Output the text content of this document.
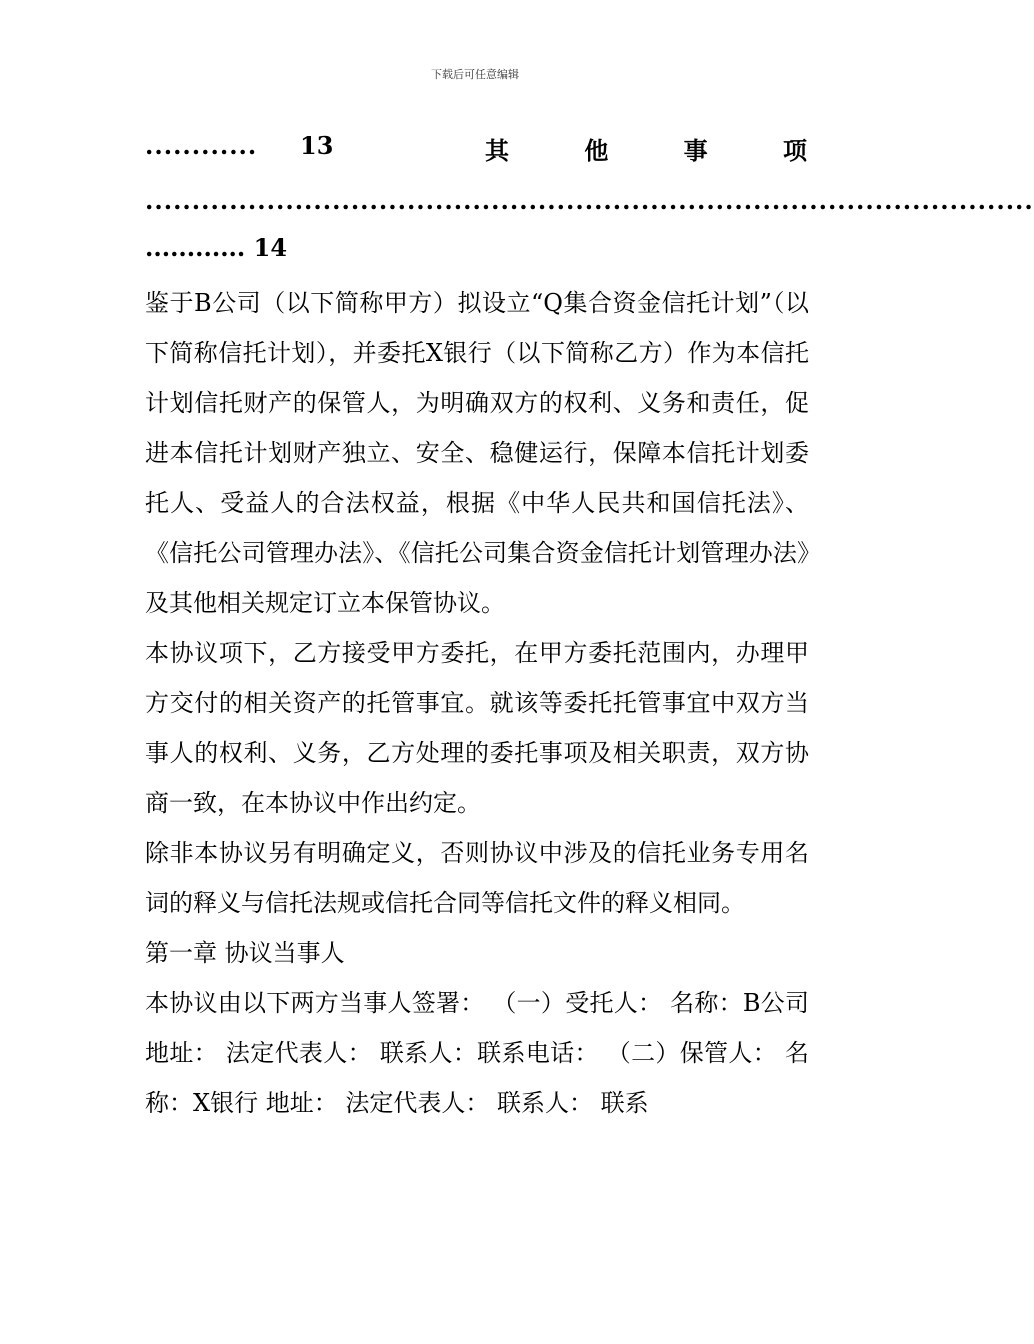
下载后可任意编辑
............ 13	其	他	事	项
...............................................................................................
............ 14

鉴于B公司（以下简称甲方）拟设立“Q集合资金信托计划”（以下简称信托计划），并委托X银行（以下简称乙方）作为本信托计划信托财产的保管人，为明确双方的权利、义务和责任，促进本信托计划财产独立、安全、稳健运行，保障本信托计划委托人、受益人的合法权益，根据《中华人民共和国信托法》、《信托公司管理办法》、《信托公司集合资金信托计划管理办法》及其他相关规定订立本保管协议。

本协议项下，乙方接受甲方委托，在甲方委托范围内，办理甲方交付的相关资产的托管事宜。就该等委托托管事宜中双方当事人的权利、义务，乙方处理的委托事项及相关职责，双方协商一致，在本协议中作出约定。

除非本协议另有明确定义，否则协议中涉及的信托业务专用名词的释义与信托法规或信托合同等信托文件的释义相同。

第一章 协议当事人

本协议由以下两方当事人签署： （一）受托人： 名称：B公司 地址： 法定代表人： 联系人：联系电话： （二）保管人： 名称：X银行 地址： 法定代表人： 联系人： 联系
